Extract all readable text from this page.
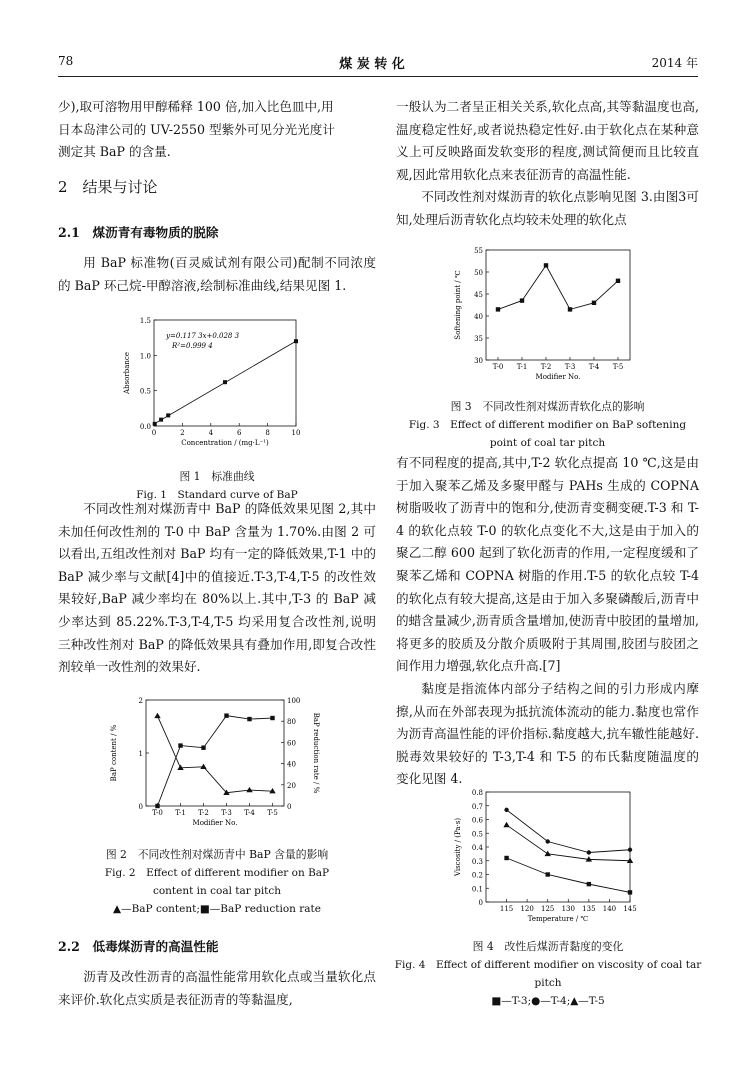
78	煤 炭 转 化	2014 年

少),取可溶物用甲醇稀释 100 倍,加入比色皿中,用

日本岛津公司的 UV-2550 型紫外可见分光光度计

测定其 BaP 的含量.

2　结果与讨论
2.1　煤沥青有毒物质的脱除

用 BaP 标准物(百灵威试剂有限公司)配制不同浓度的 BaP 环己烷-甲醇溶液,绘制标准曲线,结果见图 1.

0.0
0.5
1.0
1.5
0	2	4	6	8	10
Concentration / (mg·L⁻¹)
Absorbance
y=0.117 3x+0.028 3
R²=0.999 4
图 1　标准曲线
Fig. 1　Standard curve of BaP

不同改性剂对煤沥青中 BaP 的降低效果见图 2,其中未加任何改性剂的 T-0 中 BaP 含量为 1.70%.由图 2 可以看出,五组改性剂对 BaP 均有一定的降低效果,T-1 中的 BaP 减少率与文献[4]中的值接近.T-3,T-4,T-5 的改性效果较好,BaP 减少率均在 80%以上.其中,T-3 的 BaP 减少率达到 85.22%.T-3,T-4,T-5 均采用复合改性剂,说明三种改性剂对 BaP 的降低效果具有叠加作用,即复合改性剂较单一改性剂的效果好.

0
1
2
0
20
40
60
80
100
T-0 T-1 T-2 T-3 T-4 T-5
Modifier No.
BaP content / %	BaP reduction rate / %
图 2　不同改性剂对煤沥青中 BaP 含量的影响
Fig. 2　Effect of different modifier on BaP
content in coal tar pitch
▲—BaP content;■—BaP reduction rate
2.2　低毒煤沥青的高温性能

沥青及改性沥青的高温性能常用软化点或当量软化点来评价.软化点实质是表征沥青的等黏温度,

一般认为二者呈正相关关系,软化点高,其等黏温度也高,温度稳定性好,或者说热稳定性好.由于软化点在某种意义上可反映路面发软变形的程度,测试简便而且比较直观,因此常用软化点来表征沥青的高温性能.

不同改性剂对煤沥青的软化点影响见图 3.由图3可知,处理后沥青软化点均较未处理的软化点

30
35
40
45
50
55
T-0 T-1 T-2 T-3 T-4 T-5
Modifier No.
Softening point / ℃
图 3　不同改性剂对煤沥青软化点的影响
Fig. 3　Effect of different modifier on BaP softening
point of coal tar pitch

有不同程度的提高,其中,T-2 软化点提高 10 ℃,这是由于加入聚苯乙烯及多聚甲醛与 PAHs 生成的 COPNA 树脂吸收了沥青中的饱和分,使沥青变稠变硬.T-3 和 T-4 的软化点较 T-0 的软化点变化不大,这是由于加入的聚乙二醇 600 起到了软化沥青的作用,一定程度缓和了聚苯乙烯和 COPNA 树脂的作用.T-5 的软化点较 T-4 的软化点有较大提高,这是由于加入多聚磷酸后,沥青中的蜡含量减少,沥青质含量增加,使沥青中胶团的量增加,将更多的胶质及分散介质吸附于其周围,胶团与胶团之间作用力增强,软化点升高.[7]

黏度是指流体内部分子结构之间的引力形成内摩擦,从而在外部表现为抵抗流体流动的能力.黏度也常作为沥青高温性能的评价指标.黏度越大,抗车辙性能越好.脱毒效果较好的 T-3,T-4 和 T-5 的布氏黏度随温度的变化见图 4.

0
0.1
0.2
0.3
0.4
0.5
0.6
0.7
0.8
115 120 125 130 135 140 145
Temperature / ℃
Viscosity / (Pa·s)
图 4　改性后煤沥青黏度的变化
Fig. 4　Effect of different modifier on viscosity of coal tar pitch
■—T-3;●—T-4;▲—T-5
